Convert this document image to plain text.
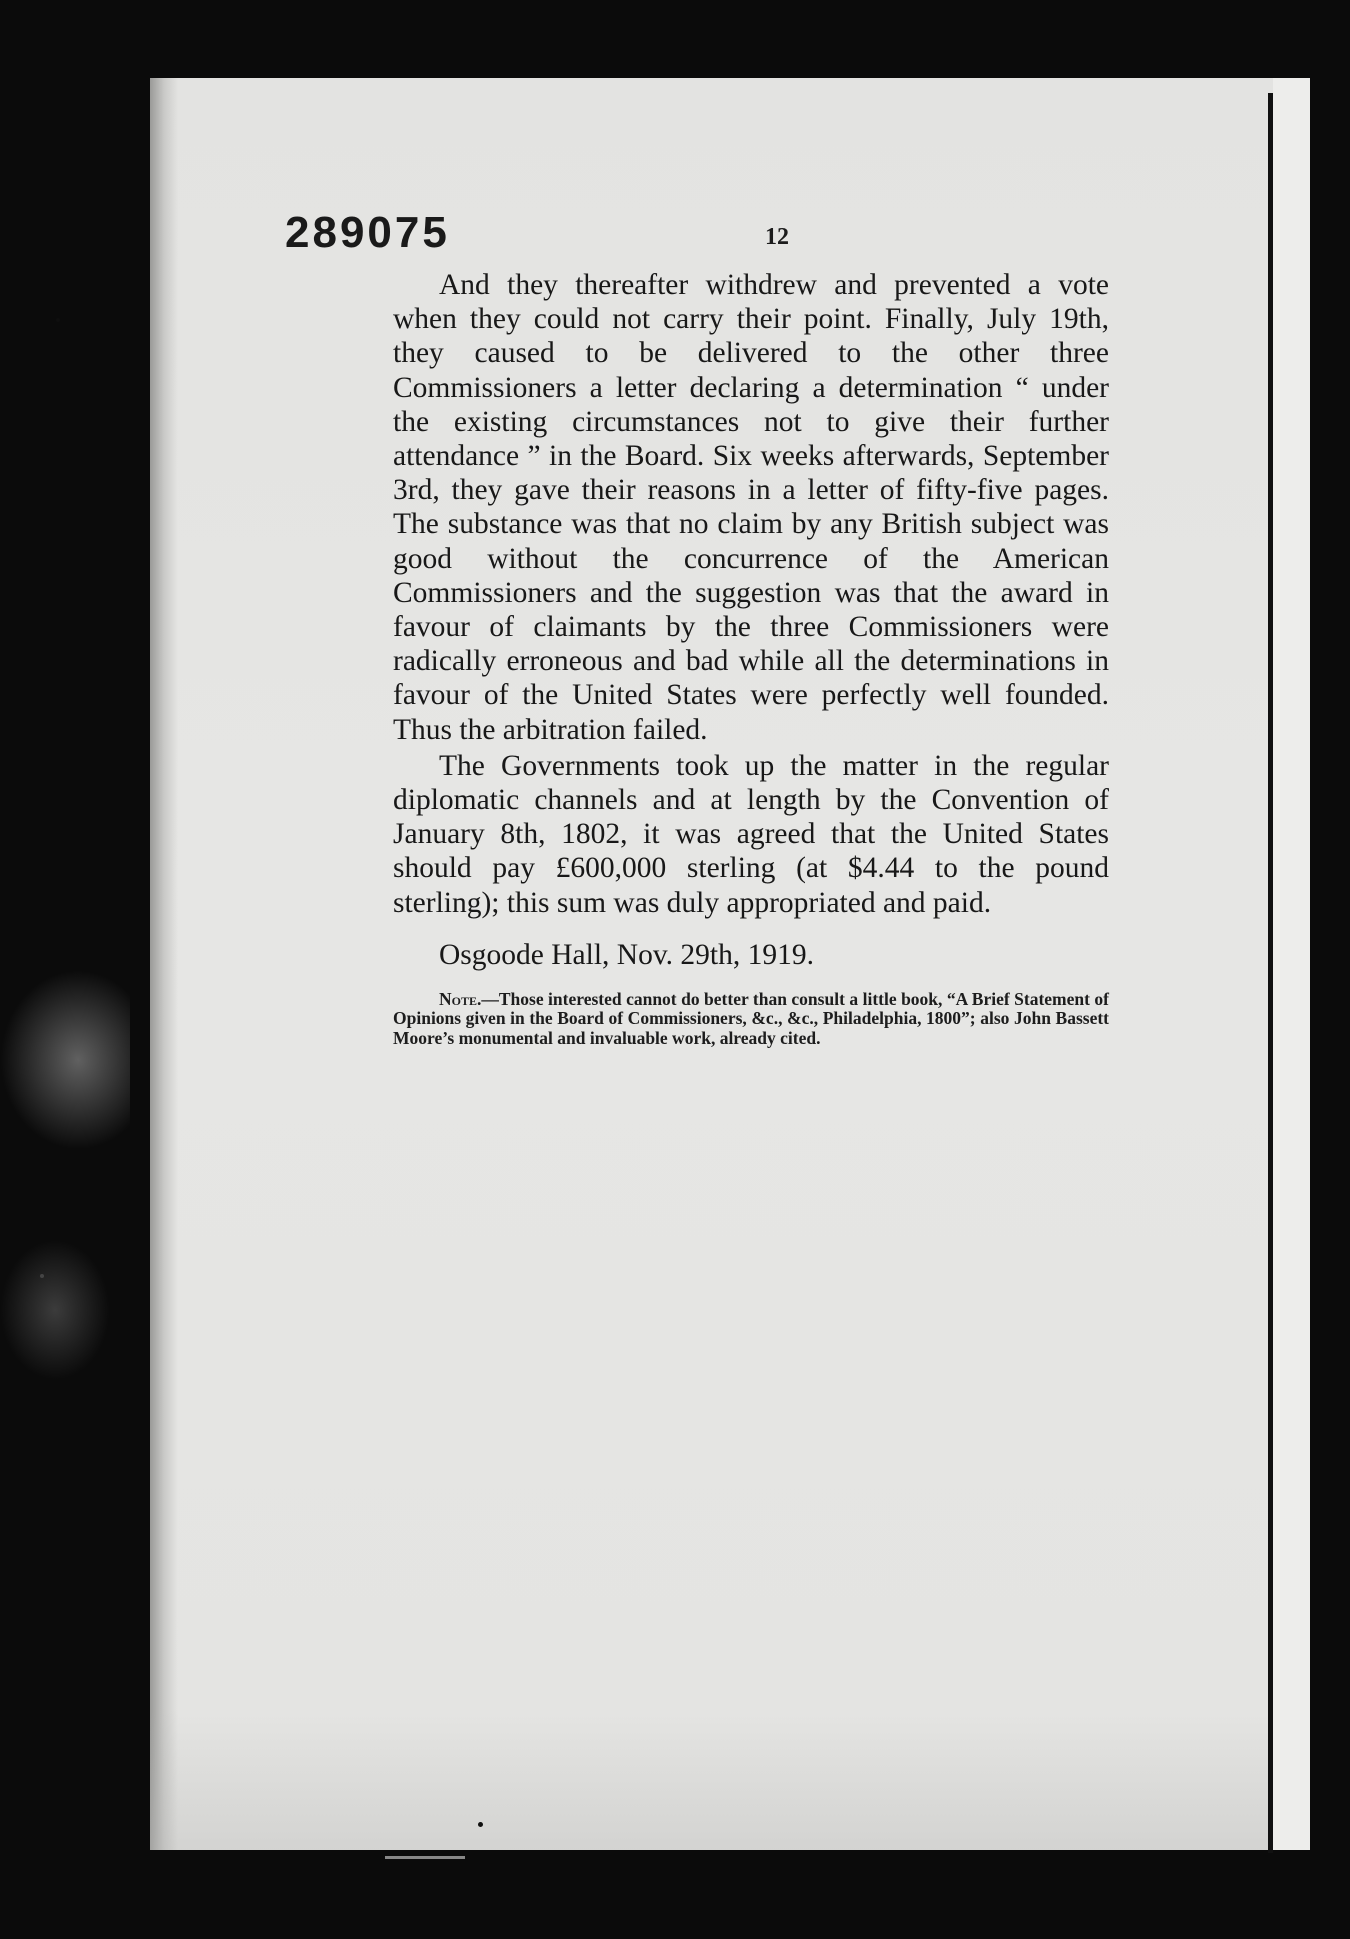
289075	12

And they thereafter withdrew and prevented a vote when they could not carry their point. Finally, July 19th, they caused to be delivered to the other three Commissioners a letter declaring a determination “ under the existing circumstances not to give their further attendance ” in the Board. Six weeks afterwards, September 3rd, they gave their reasons in a letter of fifty-five pages. The substance was that no claim by any British subject was good without the concurrence of the American Commissioners and the suggestion was that the award in favour of claimants by the three Commissioners were radically erroneous and bad while all the determinations in favour of the United States were perfectly well founded. Thus the arbitration failed.

The Governments took up the matter in the regular diplomatic channels and at length by the Convention of January 8th, 1802, it was agreed that the United States should pay £600,000 sterling (at $4.44 to the pound sterling); this sum was duly appropriated and paid.

Osgoode Hall, Nov. 29th, 1919.

Note.—Those interested cannot do better than consult a little book, “A Brief Statement of Opinions given in the Board of Commissioners, &c., &c., Philadelphia, 1800”; also John Bassett Moore’s monumental and invaluable work, already cited.
